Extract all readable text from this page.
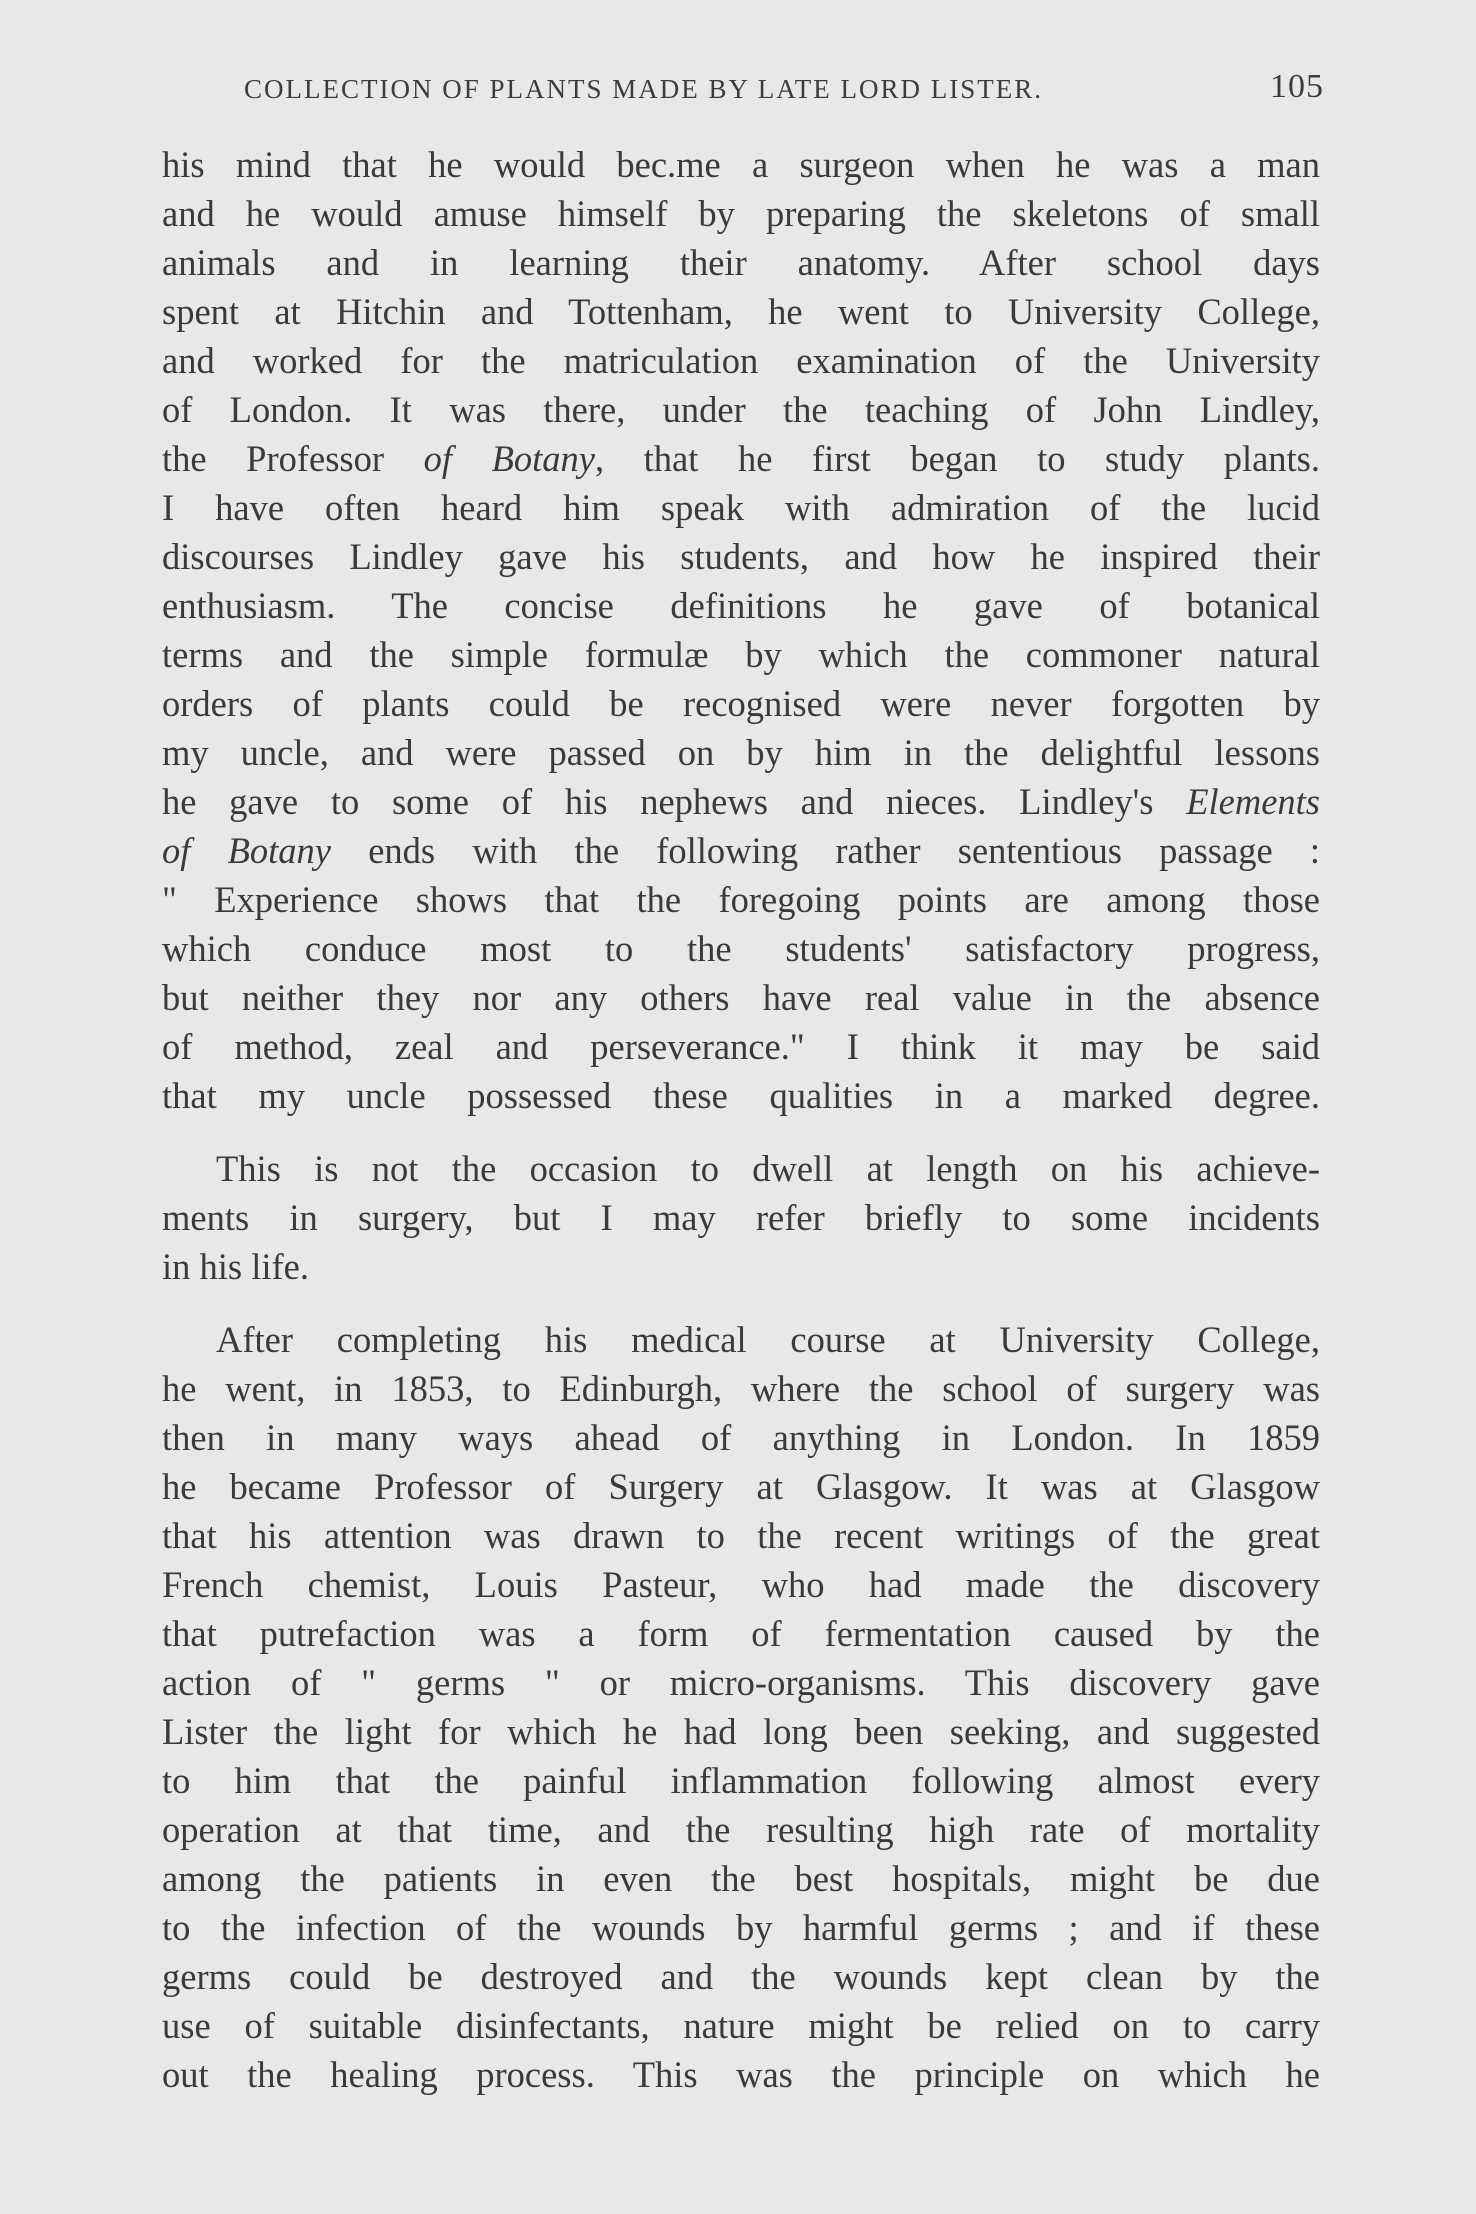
COLLECTION OF PLANTS MADE BY LATE LORD LISTER.	105
his mind that he would bec.me a surgeon when he was a man
and he would amuse himself by preparing the skeletons of small
animals and in learning their anatomy. After school days
spent at Hitchin and Tottenham, he went to University College,
and worked for the matriculation examination of the University
of London. It was there, under the teaching of John Lindley,
the Professor of Botany, that he first began to study plants.
I have often heard him speak with admiration of the lucid
discourses Lindley gave his students, and how he inspired their
enthusiasm. The concise definitions he gave of botanical
terms and the simple formulæ by which the commoner natural
orders of plants could be recognised were never forgotten by
my uncle, and were passed on by him in the delightful lessons
he gave to some of his nephews and nieces. Lindley's Elements
of Botany ends with the following rather sententious passage :
" Experience shows that the foregoing points are among those
which conduce most to the students' satisfactory progress,
but neither they nor any others have real value in the absence
of method, zeal and perseverance." I think it may be said
that my uncle possessed these qualities in a marked degree.
This is not the occasion to dwell at length on his achieve-
ments in surgery, but I may refer briefly to some incidents
in his life.
After completing his medical course at University College,
he went, in 1853, to Edinburgh, where the school of surgery was
then in many ways ahead of anything in London. In 1859
he became Professor of Surgery at Glasgow. It was at Glasgow
that his attention was drawn to the recent writings of the great
French chemist, Louis Pasteur, who had made the discovery
that putrefaction was a form of fermentation caused by the
action of " germs " or micro-organisms. This discovery gave
Lister the light for which he had long been seeking, and suggested
to him that the painful inflammation following almost every
operation at that time, and the resulting high rate of mortality
among the patients in even the best hospitals, might be due
to the infection of the wounds by harmful germs ; and if these
germs could be destroyed and the wounds kept clean by the
use of suitable disinfectants, nature might be relied on to carry
out the healing process. This was the principle on which he
